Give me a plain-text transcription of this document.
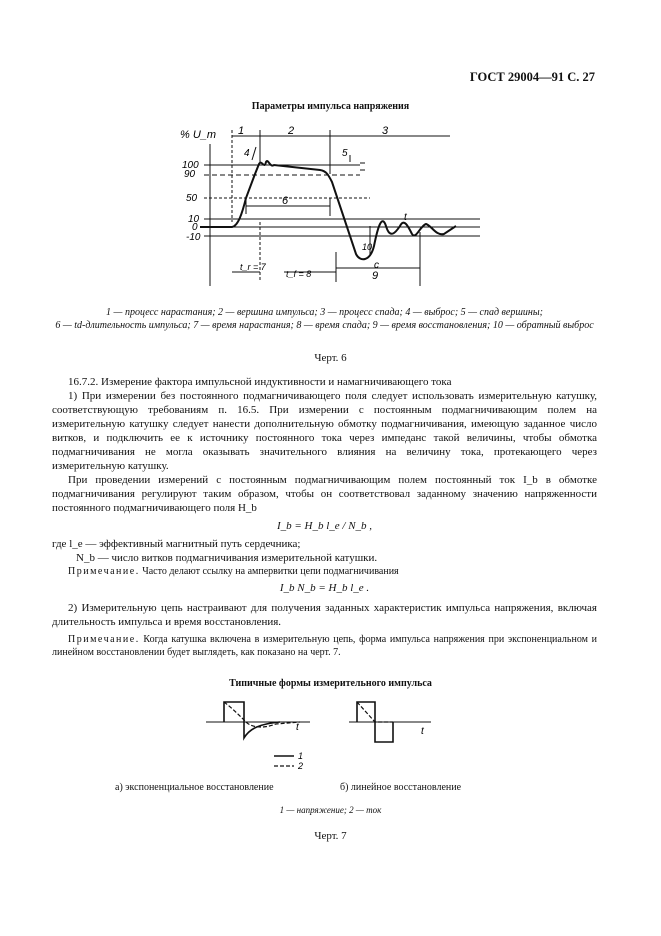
ГОСТ 29004—91 С. 27
Параметры импульса напряжения
% U_m
100
90
50
10
0
-10
1	2	3
4	5
6
t_r = 7
t_f = 8	9
10
c
t
1 — процесс нарастания; 2 — вершина импульса; 3 — процесс спада; 4 — выброс; 5 — спад вершины;
6 — td-длительность импульса; 7 — время нарастания; 8 — время спада; 9 — время восстановления; 10 — обратный выброс
Черт. 6

16.7.2. Измерение фактора импульсной индуктивности и намагничивающего тока

1) При измерении без постоянного подмагничивающего поля следует использовать измерительную катушку, соответствующую требованиям п. 16.5. При измерении с постоянным подмагничивающим полем на измерительную катушку следует нанести дополнительную обмотку подмагничивания, имеющую заданное число витков, и подключить ее к источнику постоянного тока через импеданс такой величины, чтобы обмотка подмагничивания не могла оказывать значительного влияния на величину тока, протекающего через измерительную катушку.

При проведении измерений с постоянным подмагничивающим полем постоянный ток I_b в обмотке подмагничивания регулируют таким образом, чтобы он соответствовал заданному значению напряженности постоянного подмагничивающего поля H_b

I_b = H_b l_e / N_b ,
где l_e — эффективный магнитный путь сердечника;
N_b — число витков подмагничивания измерительной катушки.
Примечание. Часто делают ссылку на ампервитки цепи подмагничивания
I_b N_b = H_b l_e .

2) Измерительную цепь настраивают для получения заданных характеристик импульса напряжения, включая длительность импульса и время восстановления.

Примечание. Когда катушка включена в измерительную цепь, форма импульса напряжения при экспоненциальном и линейном восстановлении будет выглядеть, как показано на черт. 7.
Типичные формы измерительного импульса
t
1
2
t
а) экспоненциальное восстановление	б) линейное восстановление
1 — напряжение; 2 — ток
Черт. 7
